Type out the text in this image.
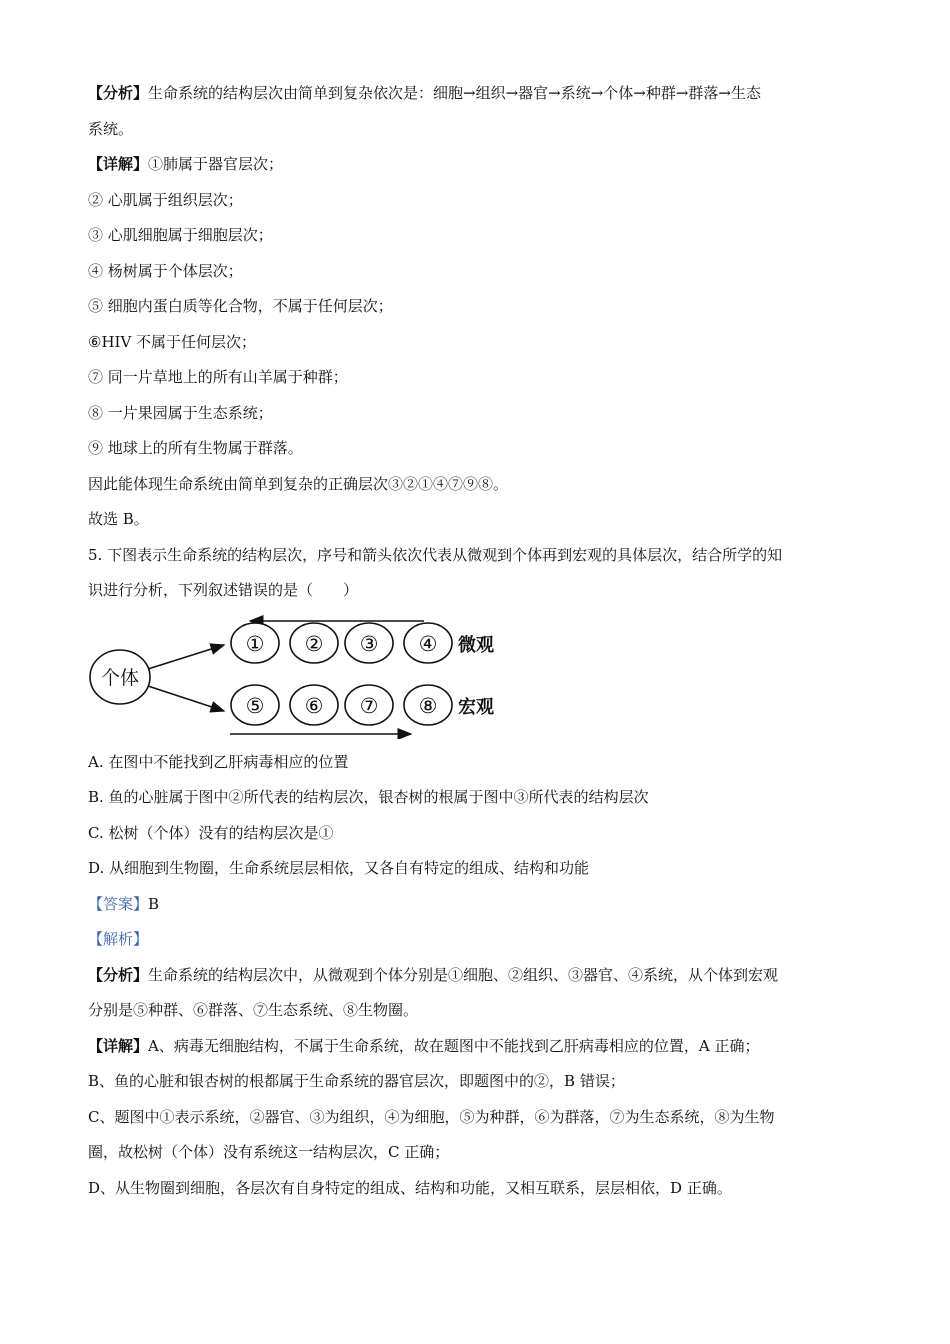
【分析】生命系统的结构层次由简单到复杂依次是：细胞→组织→器官→系统→个体→种群→群落→生态

系统。

【详解】①肺属于器官层次；

② 心肌属于组织层次；

③ 心肌细胞属于细胞层次；

④ 杨树属于个体层次；

⑤ 细胞内蛋白质等化合物，不属于任何层次；

⑥HIV 不属于任何层次；

⑦ 同一片草地上的所有山羊属于种群；

⑧ 一片果园属于生态系统；

⑨ 地球上的所有生物属于群落。

因此能体现生命系统由简单到复杂的正确层次③②①④⑦⑨⑧。

故选 B。

5. 下图表示生命系统的结构层次，序号和箭头依次代表从微观到个体再到宏观的具体层次，结合所学的知

识进行分析，下列叙述错误的是（　　）

个体
① ② ③ ④ 微观
⑤ ⑥ ⑦ ⑧ 宏观

A. 在图中不能找到乙肝病毒相应的位置

B. 鱼的心脏属于图中②所代表的结构层次，银杏树的根属于图中③所代表的结构层次

C. 松树（个体）没有的结构层次是①

D. 从细胞到生物圈，生命系统层层相依，又各自有特定的组成、结构和功能

【答案】B

【解析】

【分析】生命系统的结构层次中，从微观到个体分别是①细胞、②组织、③器官、④系统，从个体到宏观

分别是⑤种群、⑥群落、⑦生态系统、⑧生物圈。

【详解】A、病毒无细胞结构，不属于生命系统，故在题图中不能找到乙肝病毒相应的位置，A 正确；

B、鱼的心脏和银杏树的根都属于生命系统的器官层次，即题图中的②，B 错误；

C、题图中①表示系统，②器官、③为组织，④为细胞，⑤为种群，⑥为群落，⑦为生态系统，⑧为生物

圈，故松树（个体）没有系统这一结构层次，C 正确；

D、从生物圈到细胞，各层次有自身特定的组成、结构和功能，又相互联系，层层相依，D 正确。
